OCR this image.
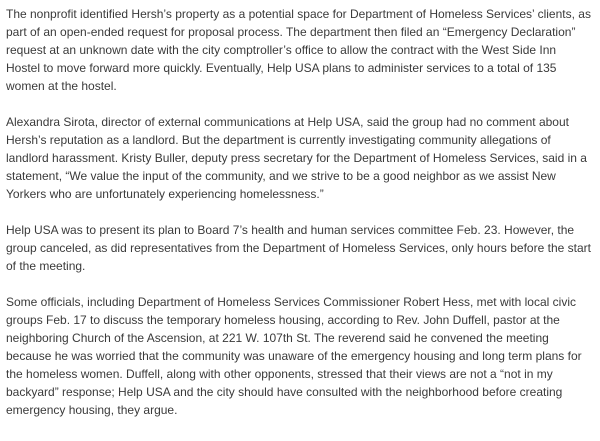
The nonprofit identified Hersh’s property as a potential space for Department of Homeless Services’ clients, as part of an open-ended request for proposal process. The department then filed an “Emergency Declaration” request at an unknown date with the city comptroller’s office to allow the contract with the West Side Inn Hostel to move forward more quickly. Eventually, Help USA plans to administer services to a total of 135 women at the hostel.

Alexandra Sirota, director of external communications at Help USA, said the group had no comment about Hersh’s reputation as a landlord. But the department is currently investigating community allegations of landlord harassment. Kristy Buller, deputy press secretary for the Department of Homeless Services, said in a statement, “We value the input of the community, and we strive to be a good neighbor as we assist New Yorkers who are unfortunately experiencing homelessness.”

Help USA was to present its plan to Board 7’s health and human services committee Feb. 23. However, the group canceled, as did representatives from the Department of Homeless Services, only hours before the start of the meeting.

Some officials, including Department of Homeless Services Commissioner Robert Hess, met with local civic groups Feb. 17 to discuss the temporary homeless housing, according to Rev. John Duffell, pastor at the neighboring Church of the Ascension, at 221 W. 107th St. The reverend said he convened the meeting because he was worried that the community was unaware of the emergency housing and long term plans for the homeless women. Duffell, along with other opponents, stressed that their views are not a “not in my backyard” response; Help USA and the city should have consulted with the neighborhood before creating emergency housing, they argue.
